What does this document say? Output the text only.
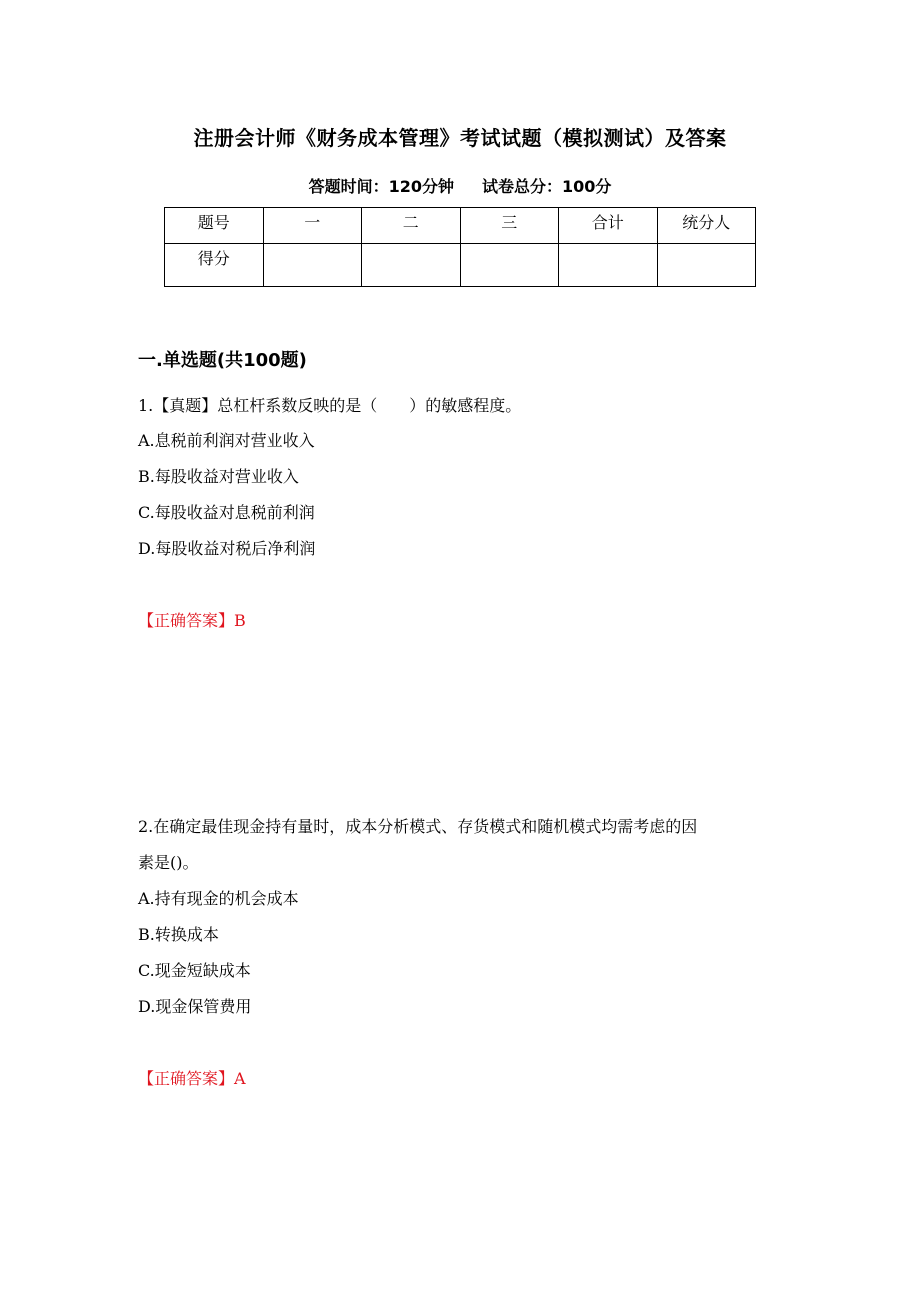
注册会计师《财务成本管理》考试试题（模拟测试）及答案
答题时间：120分钟 试卷总分：100分
题号	一	二	三	合计	统分人
得分					
一.单选题(共100题)
1.【真题】总杠杆系数反映的是（　　）的敏感程度。
A.息税前利润对营业收入
B.每股收益对营业收入
C.每股收益对息税前利润
D.每股收益对税后净利润
【正确答案】B
2.在确定最佳现金持有量时，成本分析模式、存货模式和随机模式均需考虑的因
素是()。
A.持有现金的机会成本
B.转换成本
C.现金短缺成本
D.现金保管费用
【正确答案】A
